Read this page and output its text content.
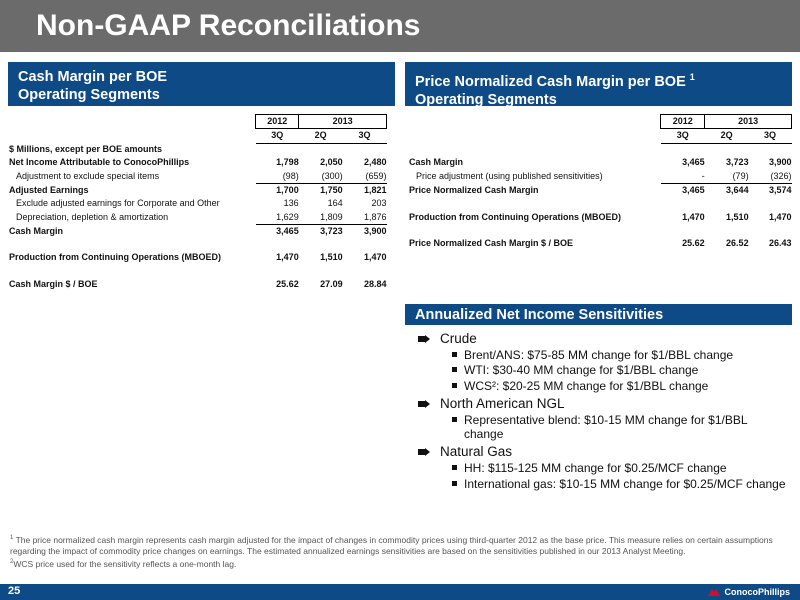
Non-GAAP Reconciliations
Cash Margin per BOE
Operating Segments
Price Normalized Cash Margin per BOE $^1$
Operating Segments
	2012	2013	
	3Q	2Q	3Q
$ Millions, except per BOE amounts			
Net Income Attributable to ConocoPhillips	1,798	2,050	2,480
Adjustment to exclude special items	(98)	(300)	(659)
Adjusted Earnings	1,700	1,750	1,821
Exclude adjusted earnings for Corporate and Other	136	164	203
Depreciation, depletion & amortization	1,629	1,809	1,876
Cash Margin	3,465	3,723	3,900

Production from Continuing Operations (MBOED)	1,470	1,510	1,470

Cash Margin $ / BOE	25.62	27.09	28.84
	2012	2013	
	3Q	2Q	3Q

Cash Margin	3,465	3,723	3,900
Price adjustment (using published sensitivities)	-	(79)	(326)
Price Normalized Cash Margin	3,465	3,644	3,574

Production from Continuing Operations (MBOED)	1,470	1,510	1,470

Price Normalized Cash Margin $ / BOE	25.62	26.52	26.43
Annualized Net Income Sensitivities
Crude
Brent/ANS: $75-85 MM change for $1/BBL change
WTI: $30-40 MM change for $1/BBL change
WCS²: $20-25 MM change for $1/BBL change
North American NGL
Representative blend: $10-15 MM change for $1/BBL change
Natural Gas
HH: $115-125 MM change for $0.25/MCF change
International gas: $10-15 MM change for $0.25/MCF change
$^1$ The price normalized cash margin represents cash margin adjusted for the impact of changes in commodity prices using third-quarter 2012 as the base price. This measure relies on certain assumptions regarding the impact of commodity price changes on earnings. The estimated annualized earnings sensitivities are based on the sensitivities published in our 2013 Analyst Meeting.
$^2$WCS price used for the sensitivity reflects a one-month lag.
25	ConocoPhillips
